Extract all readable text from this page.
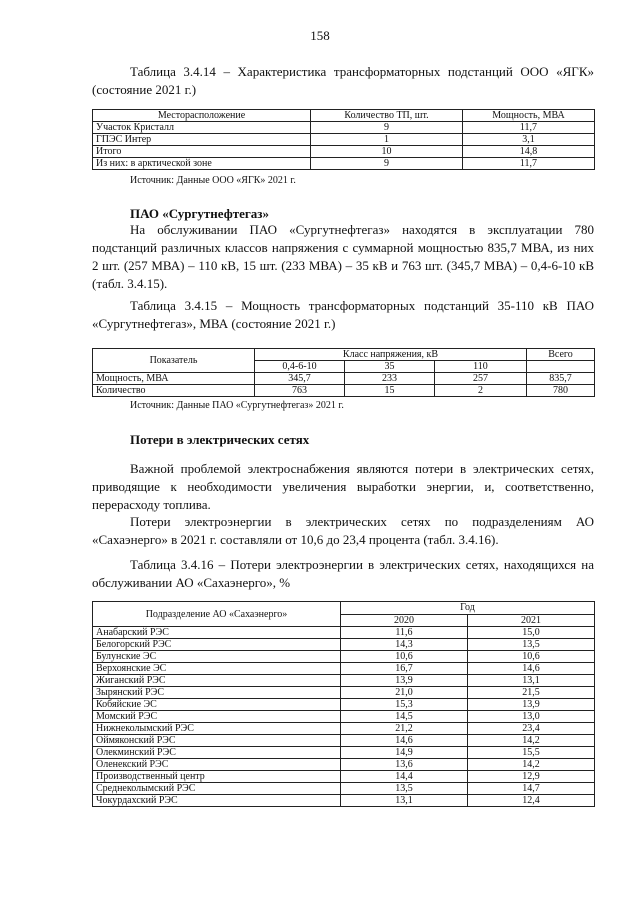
158

Таблица 3.4.14 – Характеристика трансформаторных подстанций ООО «ЯГК» (состояние 2021 г.)

Месторасположение	Количество ТП, шт.	Мощность, МВА
Участок Кристалл	9	11,7
ГПЭС Интер	1	3,1
Итого	10	14,8
Из них: в арктической зоне	9	11,7

Источник: Данные ООО «ЯГК» 2021 г.

ПАО «Сургутнефтегаз»

На обслуживании ПАО «Сургутнефтегаз» находятся в эксплуатации 780 подстанций различных классов напряжения с суммарной мощностью 835,7 МВА, из них 2 шт. (257 МВА) – 110 кВ, 15 шт. (233 МВА) – 35 кВ и 763 шт. (345,7 МВА) – 0,4-6-10 кВ (табл. 3.4.15).

Таблица 3.4.15 – Мощность трансформаторных подстанций 35-110 кВ ПАО «Сургутнефтегаз», МВА (состояние 2021 г.)

Показатель	Класс напряжения, кВ			Всего
	0,4-6-10	35	110	
Мощность, МВА	345,7	233	257	835,7
Количество	763	15	2	780

Источник: Данные ПАО «Сургутнефтегаз» 2021 г.

Потери в электрических сетях

Важной проблемой электроснабжения являются потери в электрических сетях, приводящие к необходимости увеличения выработки энергии, и, соответственно, перерасходу топлива.

Потери электроэнергии в электрических сетях по подразделениям АО «Сахаэнерго» в 2021 г. составляли от 10,6 до 23,4 процента (табл. 3.4.16).

Таблица 3.4.16 – Потери электроэнергии в электрических сетях, находящихся на обслуживании АО «Сахаэнерго», %

Подразделение АО «Сахаэнерго»	Год	
	2020	2021
Анабарский РЭС	11,6	15,0
Белогорский РЭС	14,3	13,5
Булунские ЭС	10,6	10,6
Верхоянские ЭС	16,7	14,6
Жиганский РЭС	13,9	13,1
Зырянский РЭС	21,0	21,5
Кобяйские ЭС	15,3	13,9
Момский РЭС	14,5	13,0
Нижнеколымский РЭС	21,2	23,4
Оймяконский РЭС	14,6	14,2
Олекминский РЭС	14,9	15,5
Оленекский РЭС	13,6	14,2
Производственный центр	14,4	12,9
Среднеколымский РЭС	13,5	14,7
Чокурдахский РЭС	13,1	12,4
